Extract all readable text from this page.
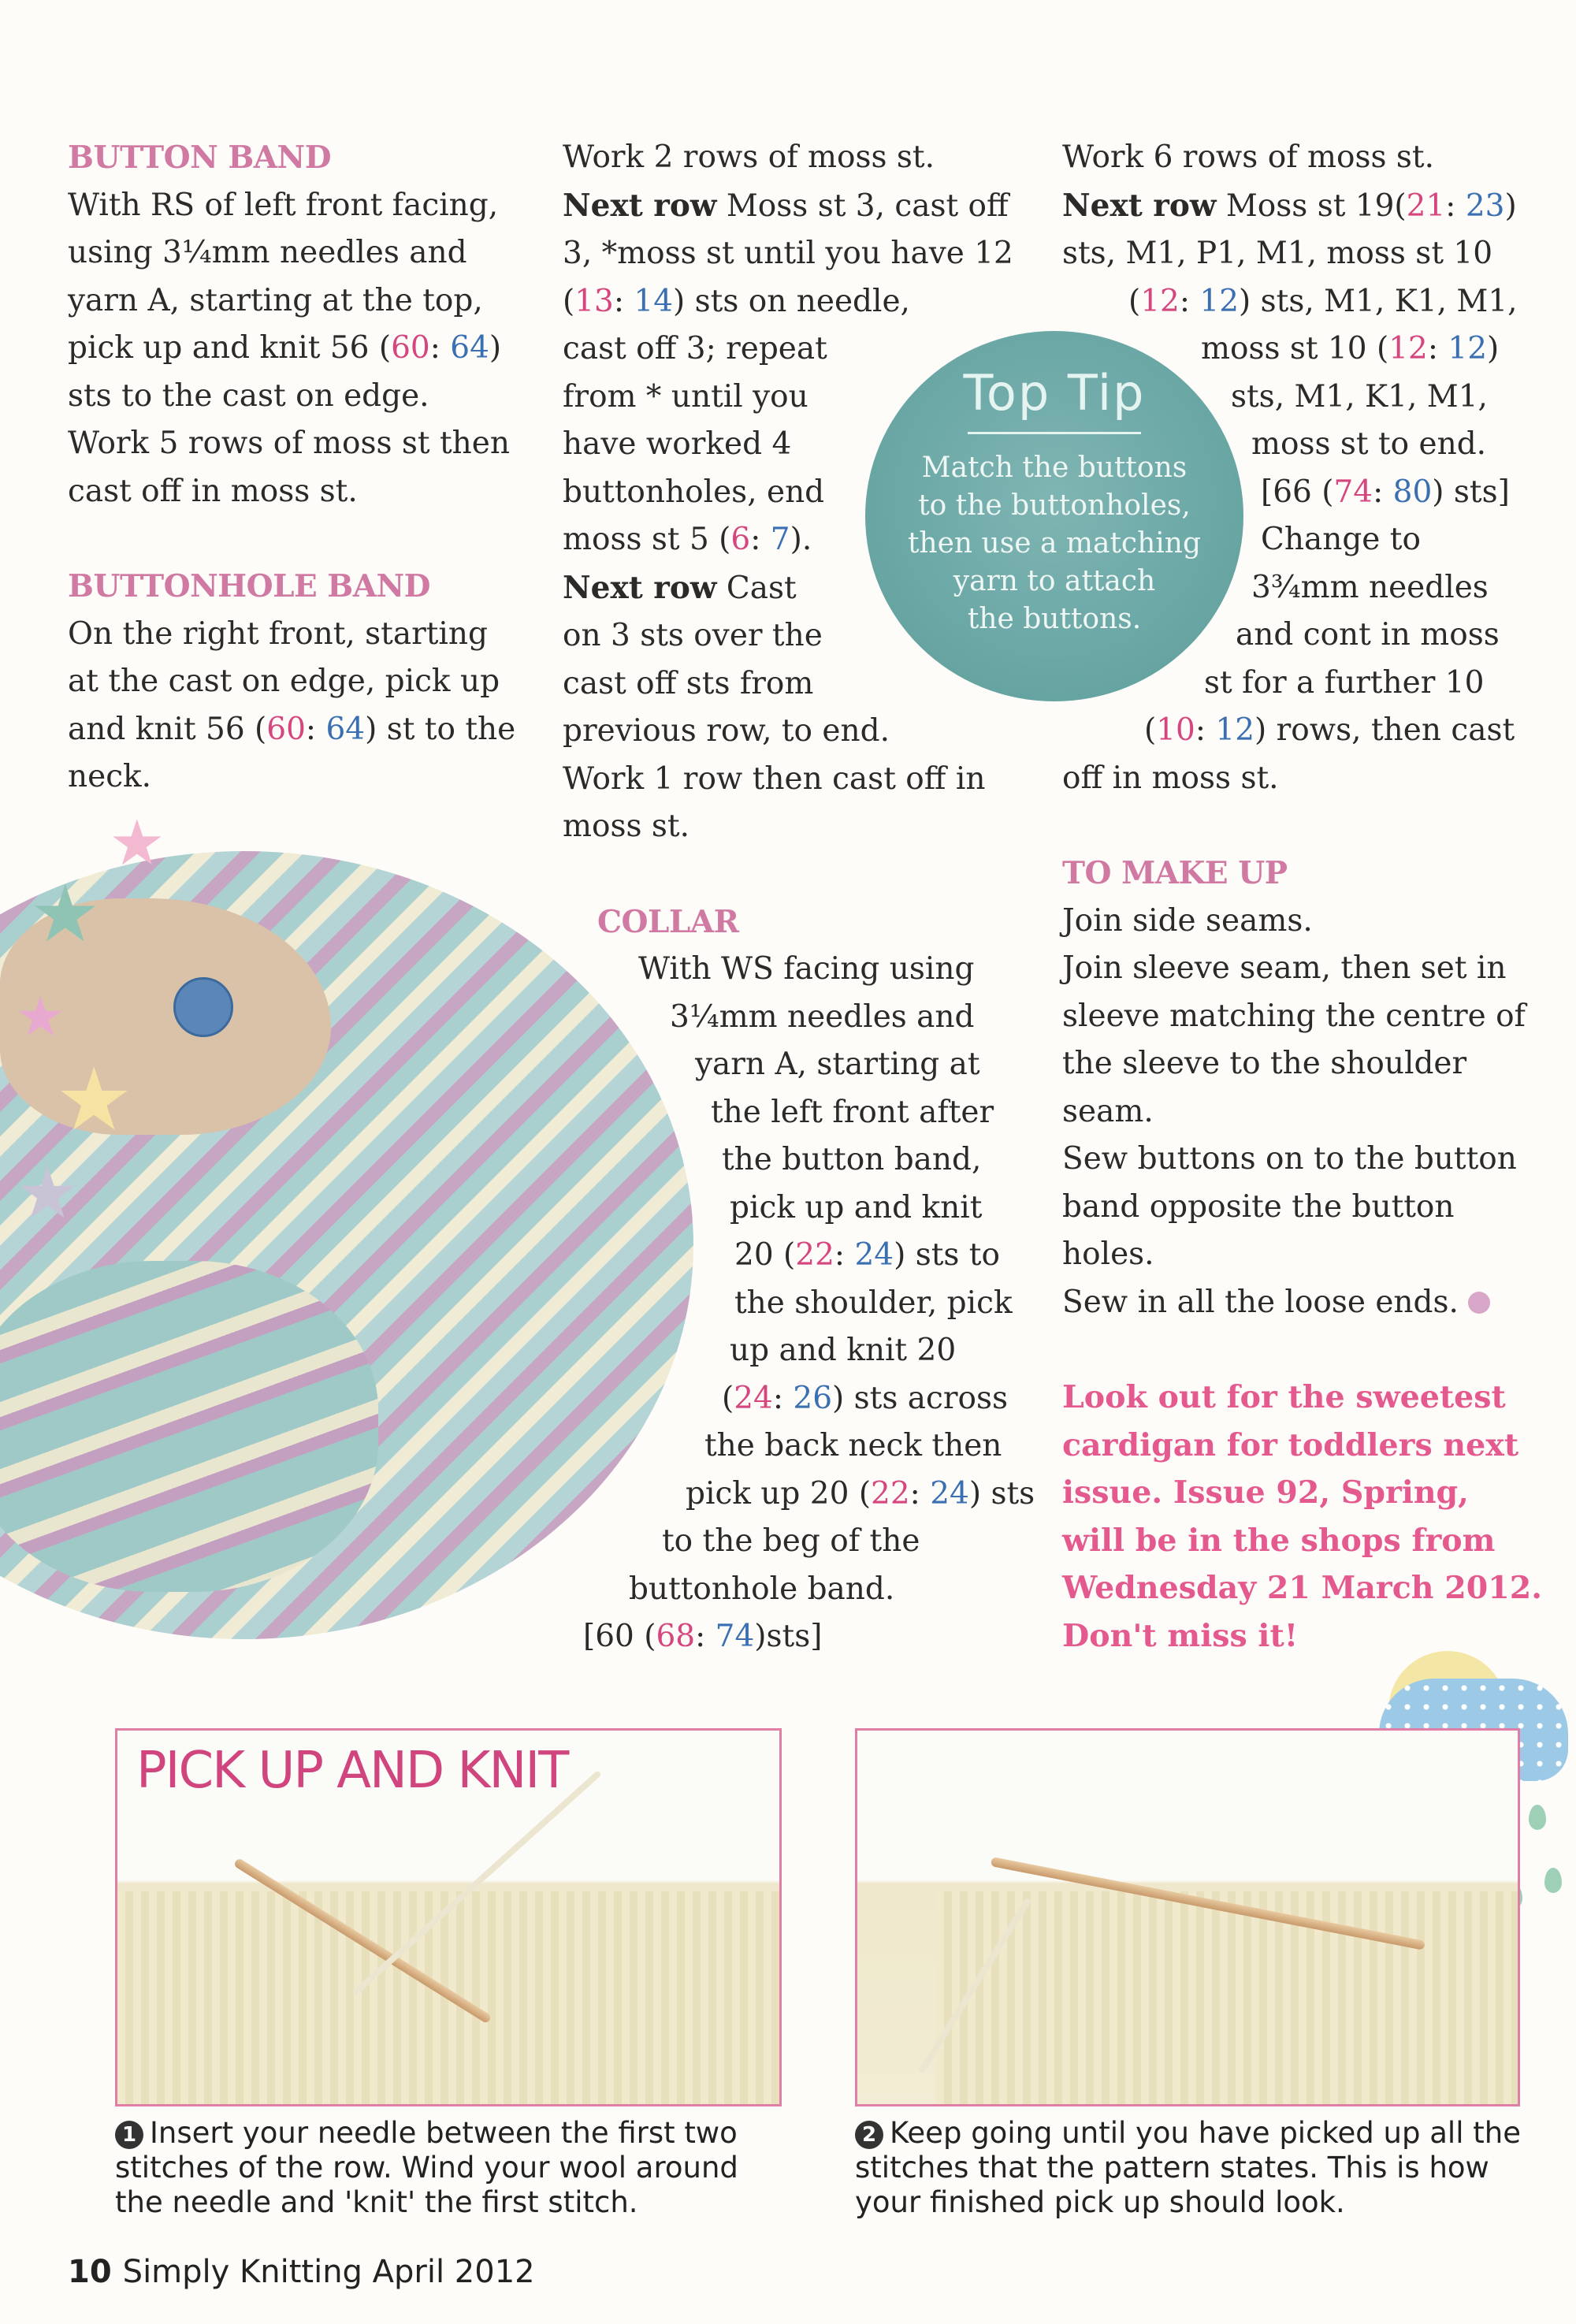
BUTTON BAND

With RS of left front facing,

using 3¼mm needles and

yarn A, starting at the top,

pick up and knit 56 (60: 64)

sts to the cast on edge.

Work 5 rows of moss st then

cast off in moss st.

BUTTONHOLE BAND

On the right front, starting

at the cast on edge, pick up

and knit 56 (60: 64) st to the

neck.

★
★
★
★
★

Work 2 rows of moss st.

Next row Moss st 3, cast off

3, *moss st until you have 12

(13: 14) sts on needle,

cast off 3; repeat

from * until you

have worked 4

buttonholes, end

moss st 5 (6: 7).

Next row Cast

on 3 sts over the

cast off sts from

previous row, to end.

Work 1 row then cast off in

moss st.

COLLAR

With WS facing using

3¼mm needles and

yarn A, starting at

the left front after

the button band,

pick up and knit

20 (22: 24) sts to

the shoulder, pick

up and knit 20

(24: 26) sts across

the back neck then

pick up 20 (22: 24) sts

to the beg of the

buttonhole band.

[60 (68: 74)sts]

Top Tip
Match the buttons
to the buttonholes,
then use a matching
yarn to attach
the buttons.

Work 6 rows of moss st.

Next row Moss st 19(21: 23)

sts, M1, P1, M1, moss st 10

(12: 12) sts, M1, K1, M1,

moss st 10 (12: 12)

sts, M1, K1, M1,

moss st to end.

[66 (74: 80) sts]

Change to

3¾mm needles

and cont in moss

st for a further 10

(10: 12) rows, then cast

off in moss st.

TO MAKE UP

Join side seams.

Join sleeve seam, then set in

sleeve matching the centre of

the sleeve to the shoulder

seam.

Sew buttons on to the button

band opposite the button

holes.

Sew in all the loose ends.

Look out for the sweetest

cardigan for toddlers next

issue. Issue 92, Spring,

will be in the shops from

Wednesday 21 March 2012.

Don't miss it!

PICK UP AND KNIT
1 Insert your needle between the first two stitches of the row. Wind your wool around the needle and 'knit' the first stitch.
2 Keep going until you have picked up all the stitches that the pattern states. This is how your finished pick up should look.
10 Simply Knitting April 2012
